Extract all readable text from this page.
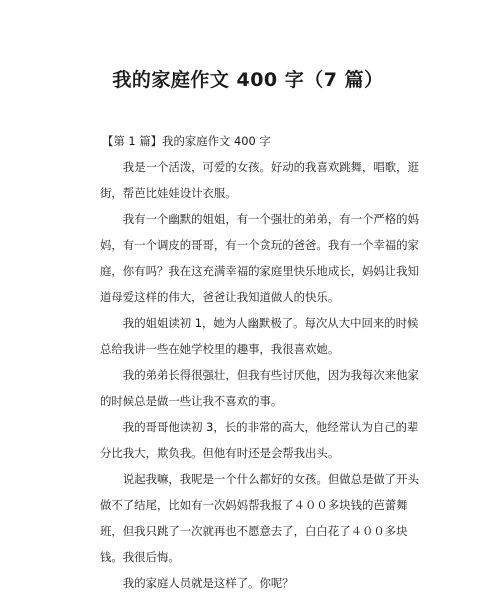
我的家庭作文 400 字（7 篇）

【第 1 篇】我的家庭作文 400 字

我是一个活泼，可爱的女孩。好动的我喜欢跳舞，唱歌，逛街，帮芭比娃娃设计衣服。

我有一个幽默的姐姐，有一个强壮的弟弟，有一个严格的妈妈，有一个调皮的哥哥，有一个贪玩的爸爸。我有一个幸福的家庭，你有吗？我在这充满幸福的家庭里快乐地成长，妈妈让我知道母爱这样的伟大，爸爸让我知道做人的快乐。

我的姐姐读初 1，她为人幽默极了。每次从大中回来的时候总给我讲一些在她学校里的趣事，我很喜欢她。

我的弟弟长得很强壮，但我有些讨厌他，因为我每次来他家的时候总是做一些让我不喜欢的事。

我的哥哥他读初 3，长的非常的高大，他经常认为自己的辈分比我大，欺负我。但他有时还是会帮我出头。

说起我嘛，我呢是一个什么都好的女孩。但做总是做了开头做不了结尾，比如有一次妈妈帮我报了４００多块钱的芭蕾舞班，但我只跳了一次就再也不愿意去了，白白花了４００多块钱。我很后悔。

我的家庭人员就是这样了。你呢？
